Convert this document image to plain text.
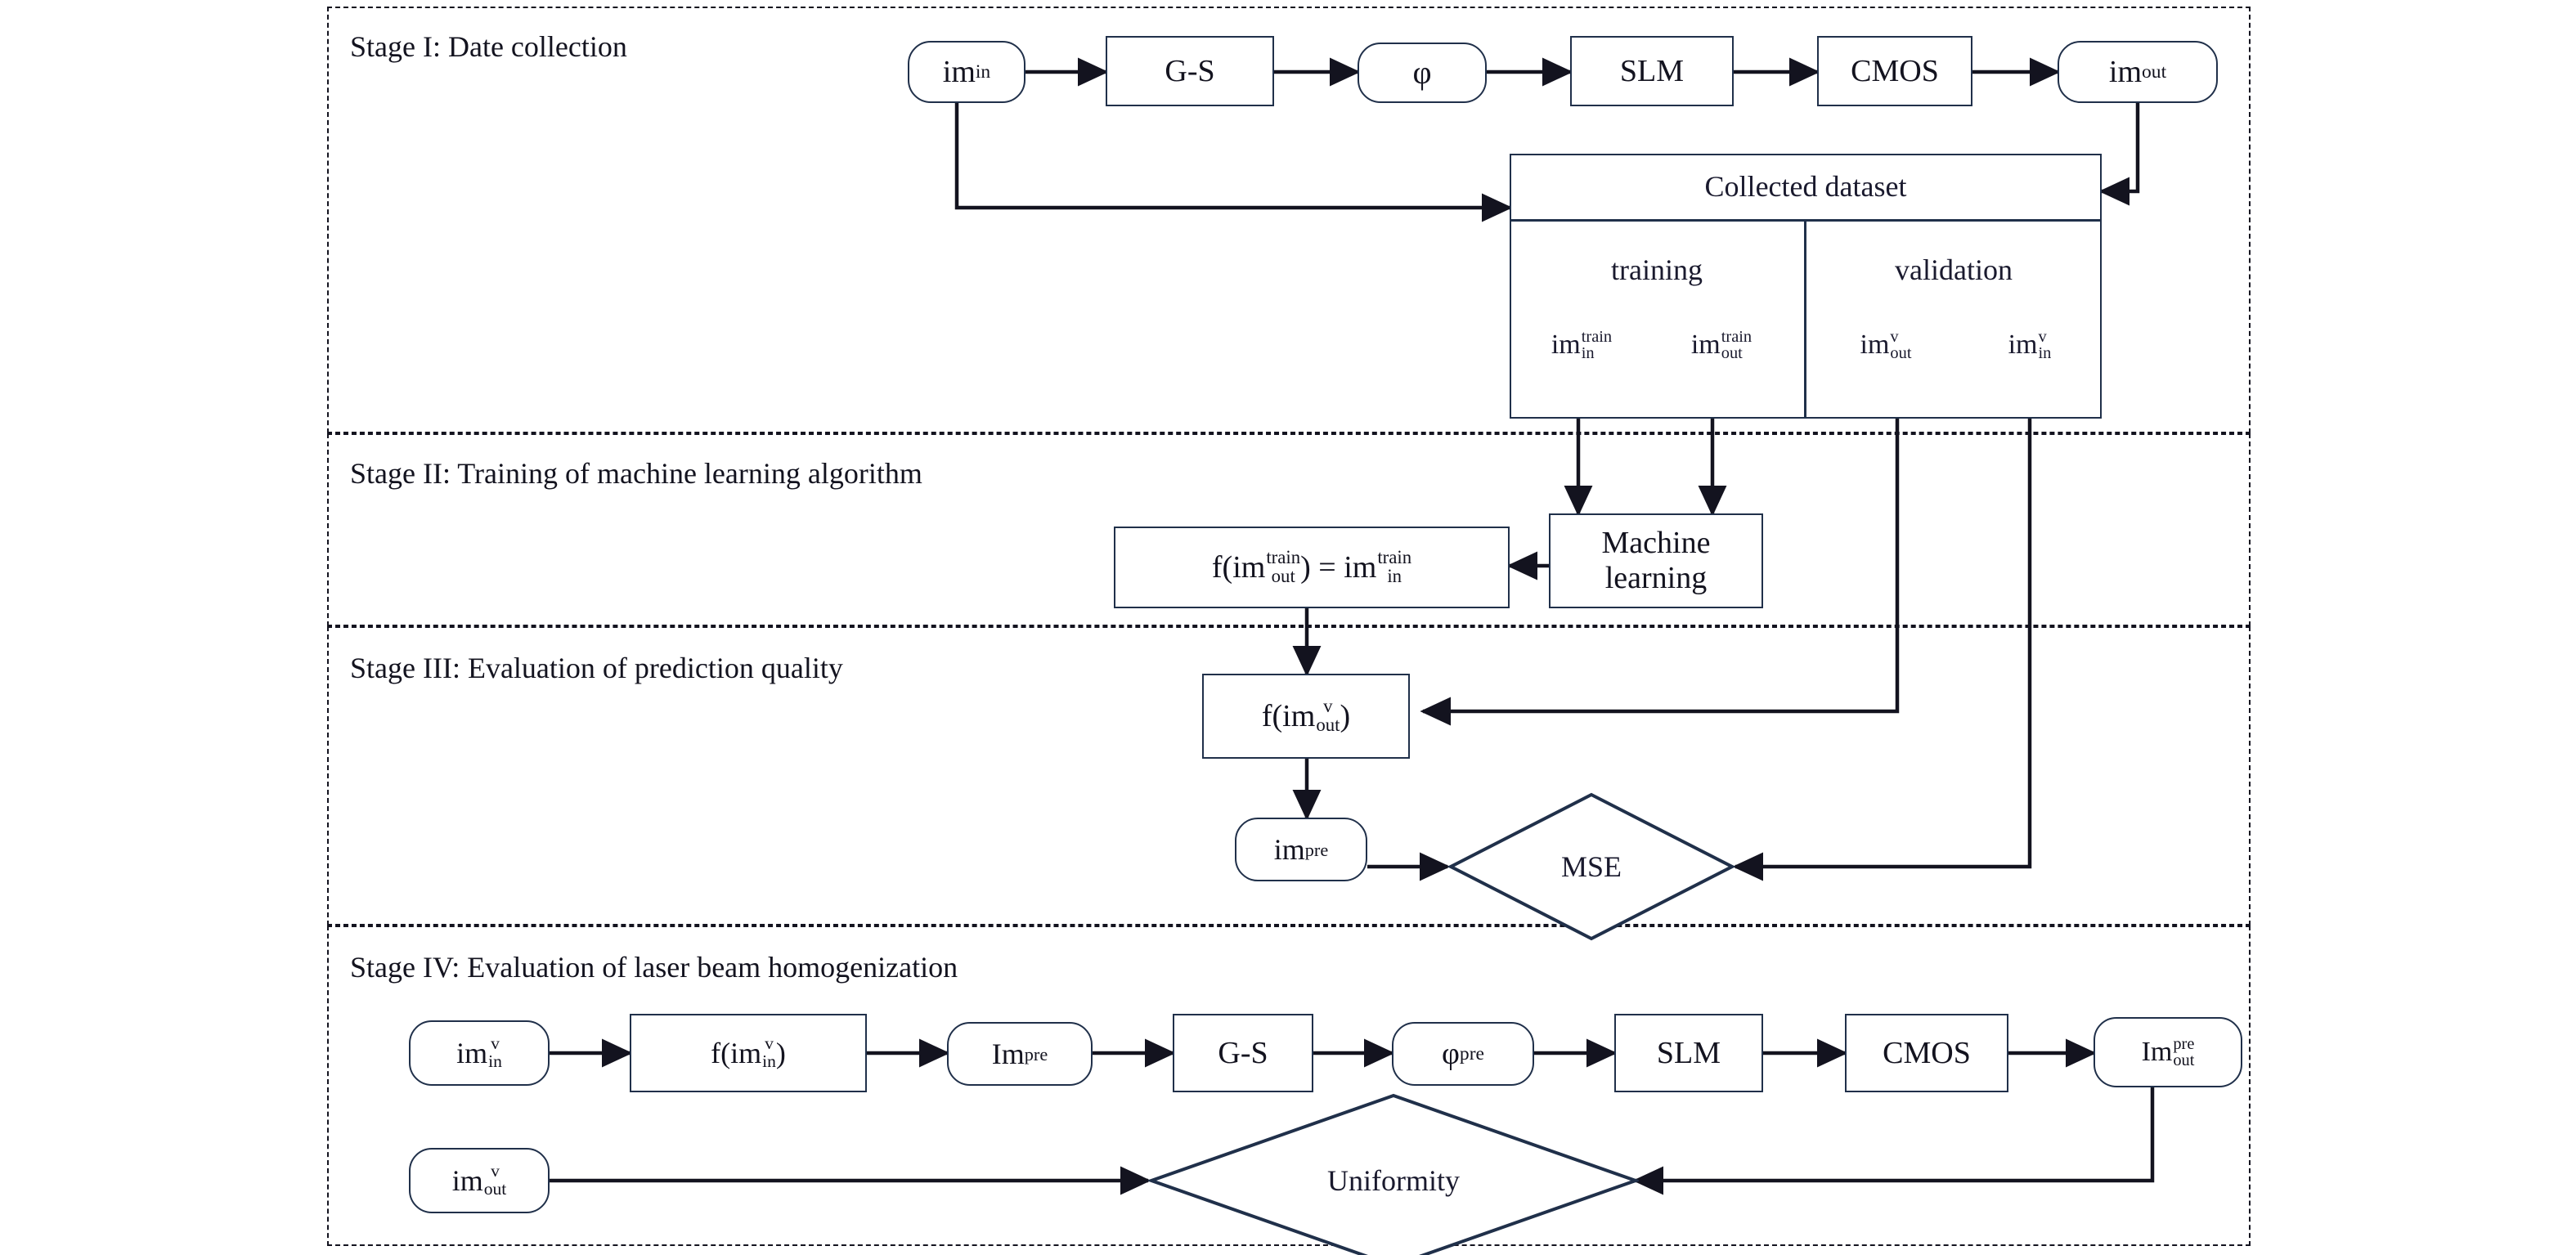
Stage I: Date collection
Stage II: Training of machine learning algorithm
Stage III: Evaluation of prediction quality
Stage IV: Evaluation of laser beam homogenization
im in	G-S	φ	SLM	CMOS	im out
Collected dataset
training	validation
im train
in	im train
out	im v
out	im v
in
Machine
learning
f(im train
out ) = im train
in
f(im v
out )
im pre
MSE
im v
in	f(im v
in )	Im pre	G-S	φ pre	SLM	CMOS	Im pre
out
im v
out	Uniformity
